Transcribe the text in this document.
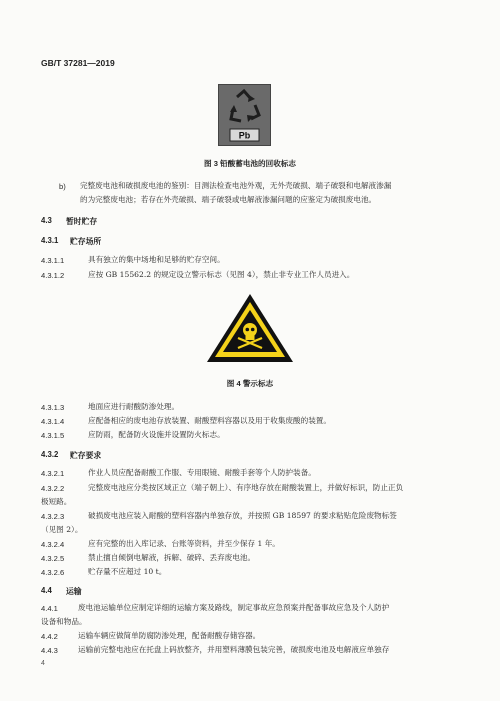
GB/T 37281—2019
Pb
图 3 铅酸蓄电池的回收标志
b) 完整废电池和破损废电池的鉴别：目测法检查电池外观，无外壳破损、端子破裂和电解液渗漏
的为完整废电池；若存在外壳破损、端子破裂或电解液渗漏问题的应鉴定为破损废电池。
4.3 暂时贮存
4.3.1 贮存场所
4.3.1.1	具有独立的集中场地和足够的贮存空间。
4.3.1.2	应按 GB 15562.2 的规定设立警示标志（见图 4），禁止非专业工作人员进入。
图 4 警示标志
4.3.1.3	地面应进行耐酸防渗处理。
4.3.1.4	应配备相应的废电池存放装置、耐酸塑料容器以及用于收集废酸的装置。
4.3.1.5	应防雨，配备防火设施并设置防火标志。
4.3.2 贮存要求
4.3.2.1	作业人员应配备耐酸工作服、专用眼镜、耐酸手套等个人防护装备。
4.3.2.2	完整废电池应分类按区域正立（端子朝上）、有序地存放在耐酸装置上，并做好标识，防止正负
极短路。
4.3.2.3	破损废电池应装入耐酸的塑料容器内单独存放，并按照 GB 18597 的要求粘贴危险废物标签
（见图 2）。
4.3.2.4	应有完整的出入库记录、台账等资料，并至少保存 1 年。
4.3.2.5	禁止擅自倾倒电解液，拆解、破碎、丢弃废电池。
4.3.2.6	贮存量不应超过 10 t。
4.4 运输
4.4.1	废电池运输单位应制定详细的运输方案及路线，制定事故应急预案并配备事故应急及个人防护
设备和物品。
4.4.2	运输车辆应做简单防腐防渗处理，配备耐酸存储容器。
4.4.3	运输前完整电池应在托盘上码放整齐，并用塑料薄膜包装完善，破损废电池及电解液应单独存
4
